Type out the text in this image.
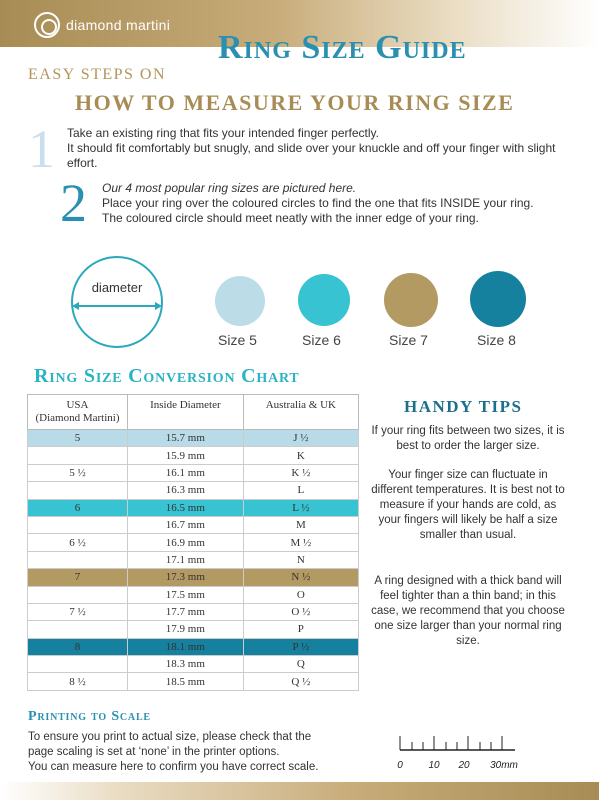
diamond martini
Ring Size Guide
EASY STEPS ON
HOW TO MEASURE YOUR RING SIZE
1 Take an existing ring that fits your intended finger perfectly.
It should fit comfortably but snugly, and slide over your knuckle and off your finger with slight effort.
2 Our 4 most popular ring sizes are pictured here.
Place your ring over the coloured circles to find the one that fits INSIDE your ring.
The coloured circle should meet neatly with the inner edge of your ring.
diameter
Size 5	Size 6	Size 7	Size 8
Ring Size Conversion Chart
USA
(Diamond Martini)	Inside Diameter	Australia & UK
5	15.7 mm	J ½
	15.9 mm	K
5 ½	16.1 mm	K ½
	16.3 mm	L
6	16.5 mm	L ½
	16.7 mm	M
6 ½	16.9 mm	M ½
	17.1 mm	N
7	17.3 mm	N ½
	17.5 mm	O
7 ½	17.7 mm	O ½
	17.9 mm	P
8	18.1 mm	P ½
	18.3 mm	Q
8 ½	18.5 mm	Q ½
HANDY TIPS
If your ring fits between two sizes, it is best to order the larger size.
Your finger size can fluctuate in different temperatures. It is best not to measure if your hands are cold, as your fingers will likely be half a size smaller than usual.
A ring designed with a thick band will feel tighter than a thin band; in this case, we recommend that you choose one size larger than your normal ring size.
Printing to Scale
To ensure you print to actual size, please check that the
page scaling is set at ‘none’ in the printer options.
You can measure here to confirm you have correct scale.	0	10 20 30mm
